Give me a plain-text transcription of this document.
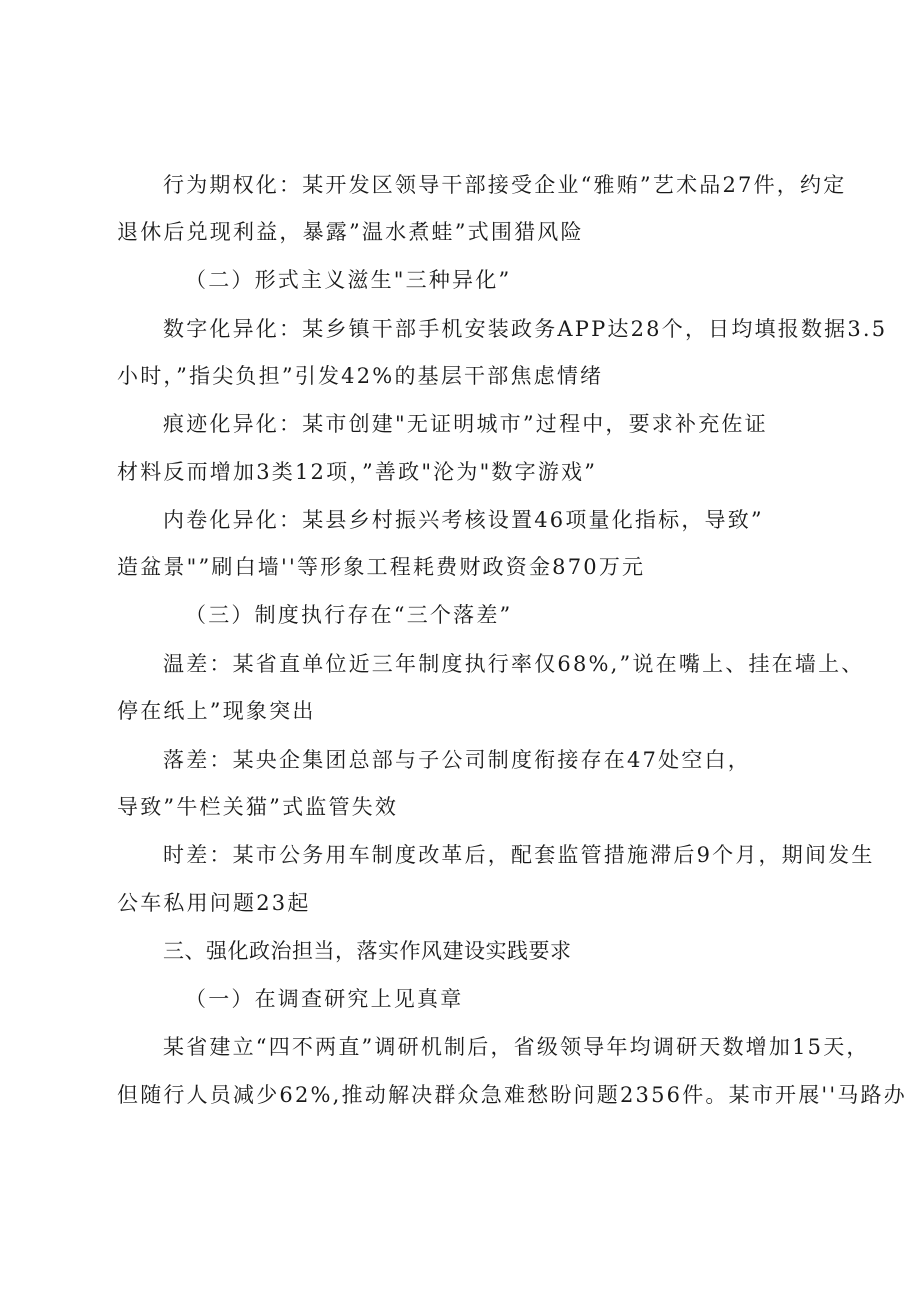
行为期权化：某开发区领导干部接受企业“雅贿”艺术品27件，约定
退休后兑现利益，暴露”温水煮蛙”式围猎风险
（二）形式主义滋生"三种异化”
数字化异化：某乡镇干部手机安装政务APP达28个，日均填报数据3.5
小时，”指尖负担”引发42%的基层干部焦虑情绪
痕迹化异化：某市创建"无证明城市”过程中，要求补充佐证
材料反而增加3类12项，”善政"沦为"数字游戏”
内卷化异化：某县乡村振兴考核设置46项量化指标，导致”
造盆景"”刷白墙''等形象工程耗费财政资金870万元
（三）制度执行存在“三个落差”
温差：某省直单位近三年制度执行率仅68%,”说在嘴上、挂在墙上、
停在纸上”现象突出
落差：某央企集团总部与子公司制度衔接存在47处空白，
导致”牛栏关猫”式监管失效
时差：某市公务用车制度改革后，配套监管措施滞后9个月，期间发生
公车私用问题23起
三、强化政治担当，落实作风建设实践要求
（一）在调查研究上见真章
某省建立“四不两直”调研机制后，省级领导年均调研天数增加15天，
但随行人员减少62%,推动解决群众急难愁盼问题2356件。某市开展''马路办
